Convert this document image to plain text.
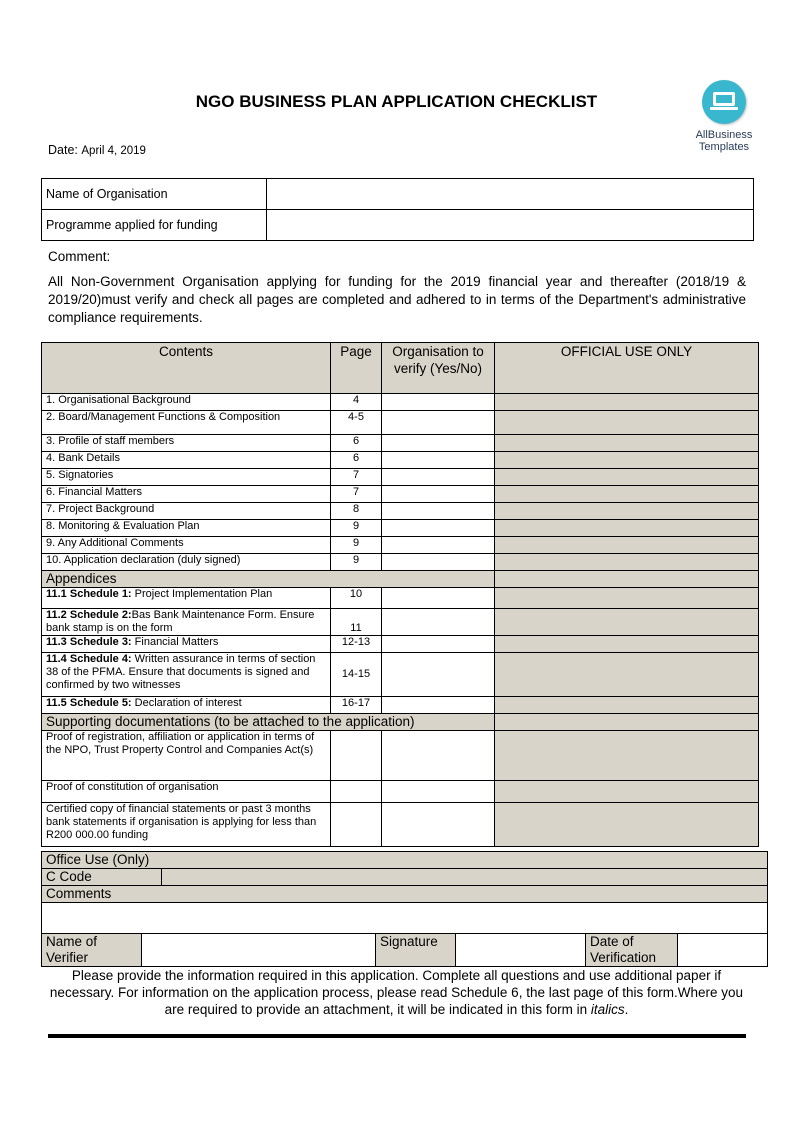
NGO BUSINESS PLAN APPLICATION CHECKLIST
Date: April 4, 2019
AllBusiness
Templates
Name of Organisation	
Programme applied for funding	
Comment:
All Non-Government Organisation applying for funding for the 2019 financial year and thereafter (2018/19 & 2019/20)must verify and check all pages are completed and adhered to in terms of the Department's administrative compliance requirements.
Contents	Page	Organisation to verify (Yes/No)	OFFICIAL USE ONLY
1. Organisational Background	4		
2. Board/Management Functions & Composition	4-5		
3. Profile of staff members	6		
4. Bank Details	6		
5. Signatories	7		
6. Financial Matters	7		
7. Project Background	8		
8. Monitoring & Evaluation Plan	9		
9. Any Additional Comments	9		
10. Application declaration (duly signed)	9		
Appendices			
11.1 Schedule 1: Project Implementation Plan	10		
11.2 Schedule 2:Bas Bank Maintenance Form. Ensure bank stamp is on the form	11		
11.3 Schedule 3: Financial Matters	12-13		
11.4 Schedule 4: Written assurance in terms of section 38 of the PFMA. Ensure that documents is signed and confirmed by two witnesses	14-15		
11.5 Schedule 5: Declaration of interest	16-17		
Supporting documentations (to be attached to the application)			
Proof of registration, affiliation or application in terms of the NPO, Trust Property Control and Companies Act(s)			
Proof of constitution of organisation			
Certified copy of financial statements or past 3 months bank statements if organisation is applying for less than R200 000.00 funding			
Office Use (Only)						
C Code						
Comments						

Name of Verifier			Signature		Date of Verification	
Please provide the information required in this application. Complete all questions and use additional paper if necessary. For information on the application process, please read Schedule 6, the last page of this form.Where you are required to provide an attachment, it will be indicated in this form in italics.
